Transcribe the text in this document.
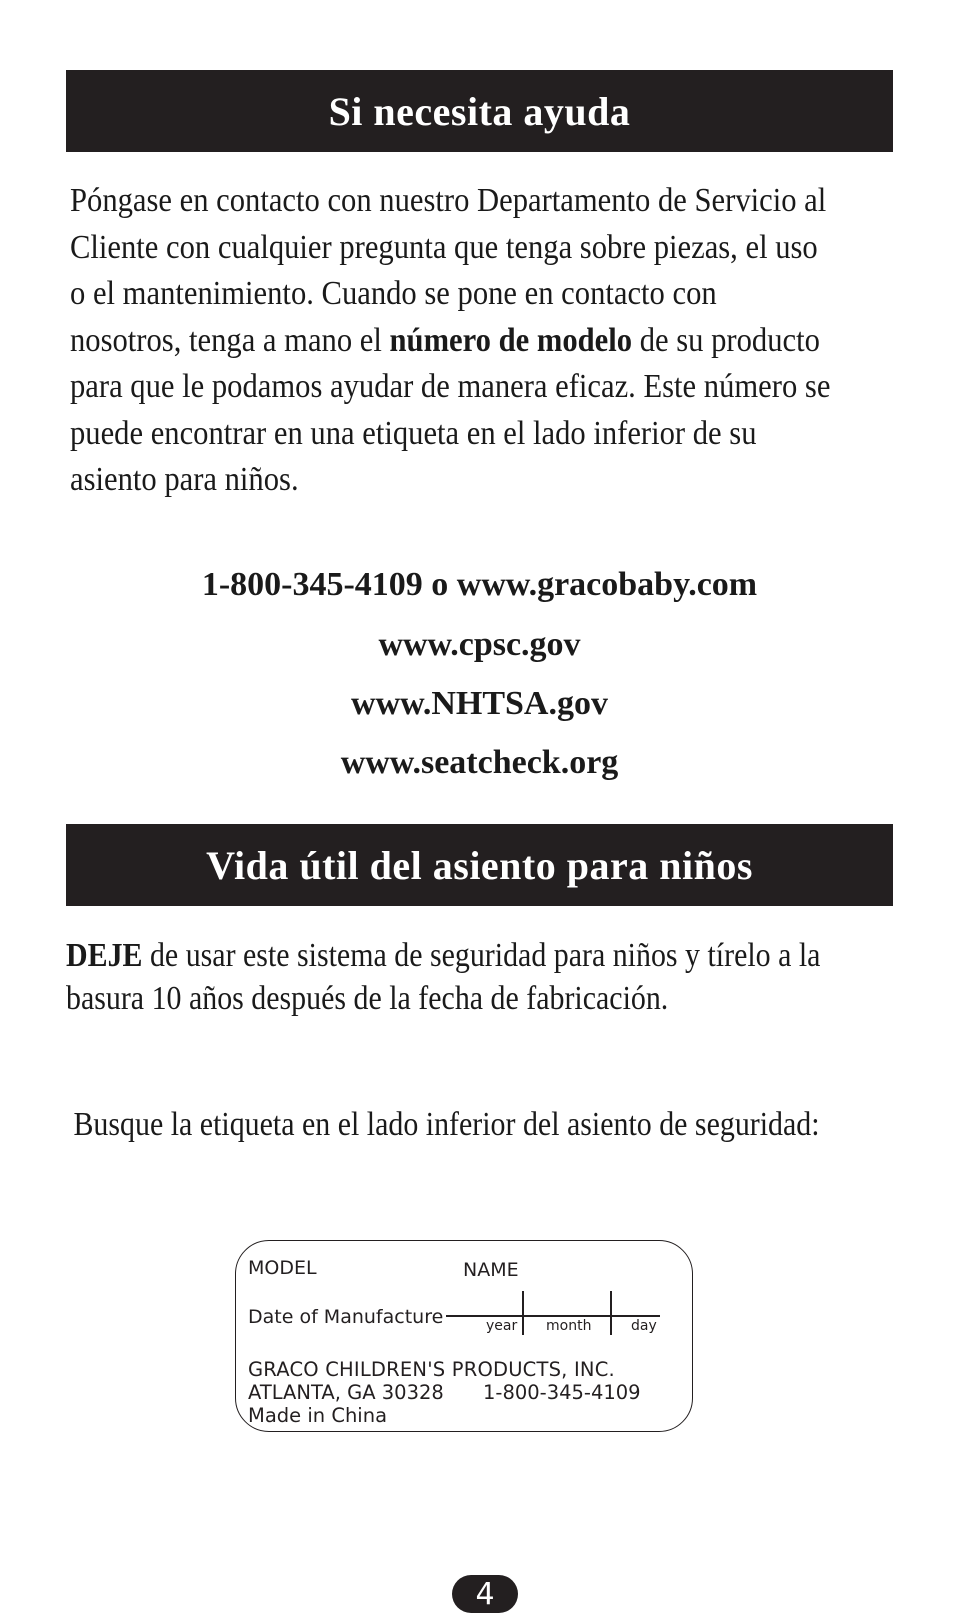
Si necesita ayuda

Póngase en contacto con nuestro Departamento de Servicio al Cliente con cualquier pregunta que tenga sobre piezas, el uso o el mantenimiento. Cuando se pone en contacto con nosotros, tenga a mano el número de modelo de su producto para que le podamos ayudar de manera eficaz. Este número se puede encontrar en una etiqueta en el lado inferior de su asiento para niños.

1-800-345-4109 o www.gracobaby.com
www.cpsc.gov
www.NHTSA.gov
www.seatcheck.org
Vida útil del asiento para niños

DEJE de usar este sistema de seguridad para niños y tírelo a la basura 10 años después de la fecha de fabricación.

Busque la etiqueta en el lado inferior del asiento de seguridad:

MODEL	NAME
Date of Manufacture	year month	day
GRACO CHILDREN'S PRODUCTS, INC.
ATLANTA, GA 30328 1-800-345-4109
Made in China
4
